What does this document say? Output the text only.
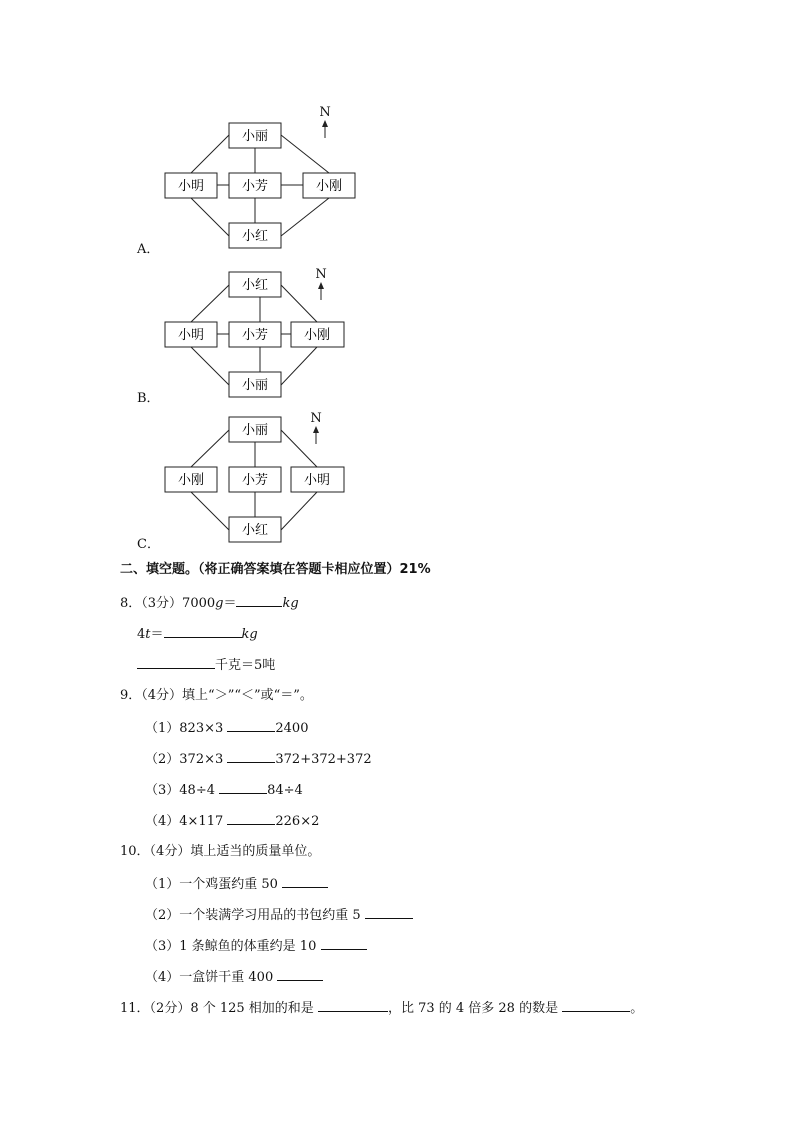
小丽
小明	小芳	小刚
小红
小红
小明	小芳	小刚
小丽
小丽
小刚	小芳	小明
小红
N
N
N
A．
B．
C．
二、填空题。（将正确答案填在答题卡相应位置）21%
8．（3分）7000g＝	kg
4t＝	kg
千克＝5吨
9．（4分）填上“＞”“＜”或“＝”。
（1）823×3	2400
（2）372×3	372+372+372
（3）48÷4	84÷4
（4）4×117	226×2
10．（4分）填上适当的质量单位。
（1）一个鸡蛋约重 50
（2）一个装满学习用品的书包约重 5
（3）1 条鲸鱼的体重约是 10
（4）一盒饼干重 400
11．（2分）8 个 125 相加的和是	，比 73 的 4 倍多 28 的数是	。
